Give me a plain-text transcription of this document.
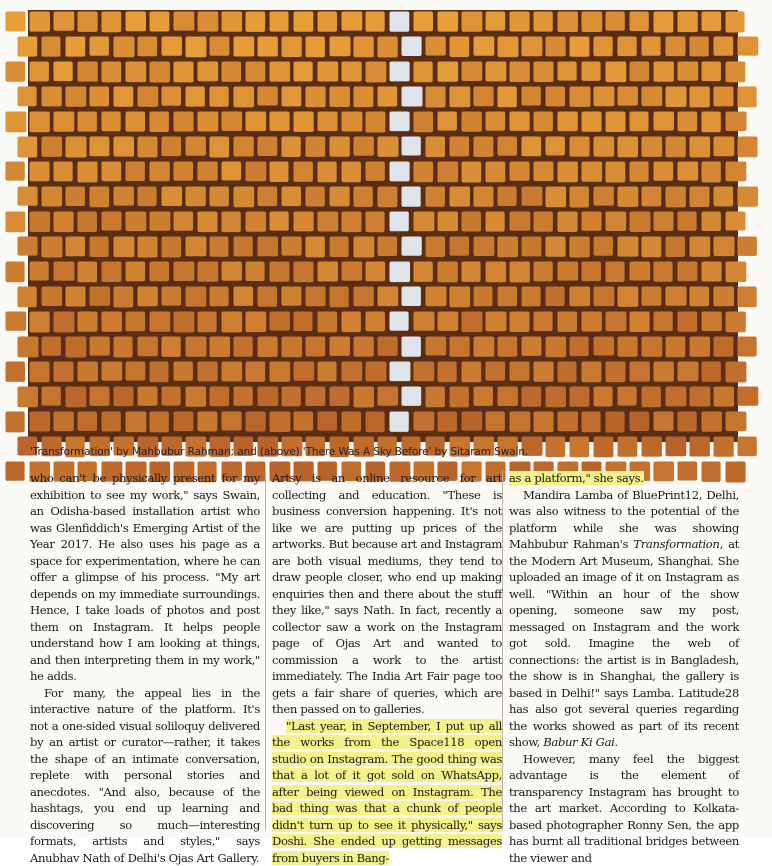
'Transformation' by Mahbubur Rahman; and (above) 'There Was A Sky Before' by Sitaram Swain.

who can't be physically present for my exhibition to see my work," says Swain, an Odisha-based installation artist who was Glenfiddich's Emerging Artist of the Year 2017. He also uses his page as a space for experimentation, where he can offer a glimpse of his process. "My art depends on my immediate surroundings. Hence, I take loads of photos and post them on Instagram. It helps people understand how I am looking at things, and then interpreting them in my work," he adds.

For many, the appeal lies in the interactive nature of the platform. It's not a one-sided visual soliloquy delivered by an artist or curator—rather, it takes the shape of an intimate conversation, replete with personal stories and anecdotes. "And also, because of the hashtags, you end up learning and discovering so much—interesting formats, artists and styles," says Anubhav Nath of Delhi's Ojas Art Gallery.

Artsy is an online resource for art collecting and education. "These is business conversion happening. It's not like we are putting up prices of the artworks. But because art and Instagram are both visual mediums, they tend to draw people closer, who end up making enquiries then and there about the stuff they like," says Nath. In fact, recently a collector saw a work on the Instagram page of Ojas Art and wanted to commission a work to the artist immediately. The India Art Fair page too gets a fair share of queries, which are then passed on to galleries.

"Last year, in September, I put up all the works from the Space118 open studio on Instagram. The good thing was that a lot of it got sold on WhatsApp, after being viewed on Instagram. The bad thing was that a chunk of people didn't turn up to see it physically," says Doshi. She ended up getting messages from buyers in Bang-

as a platform," she says.

Mandira Lamba of BluePrint12, Delhi, was also witness to the potential of the platform while she was showing Mahbubur Rahman's Transformation, at the Modern Art Museum, Shanghai. She uploaded an image of it on Instagram as well. "Within an hour of the show opening, someone saw my post, messaged on Instagram and the work got sold. Imagine the web of connections: the artist is in Bangladesh, the show is in Shanghai, the gallery is based in Delhi!" says Lamba. Latitude28 has also got several queries regarding the works showed as part of its recent show, Babur Ki Gai.

However, many feel the biggest advantage is the element of transparency Instagram has brought to the art market. According to Kolkata-based photographer Ronny Sen, the app has burnt all traditional bridges between the viewer and
